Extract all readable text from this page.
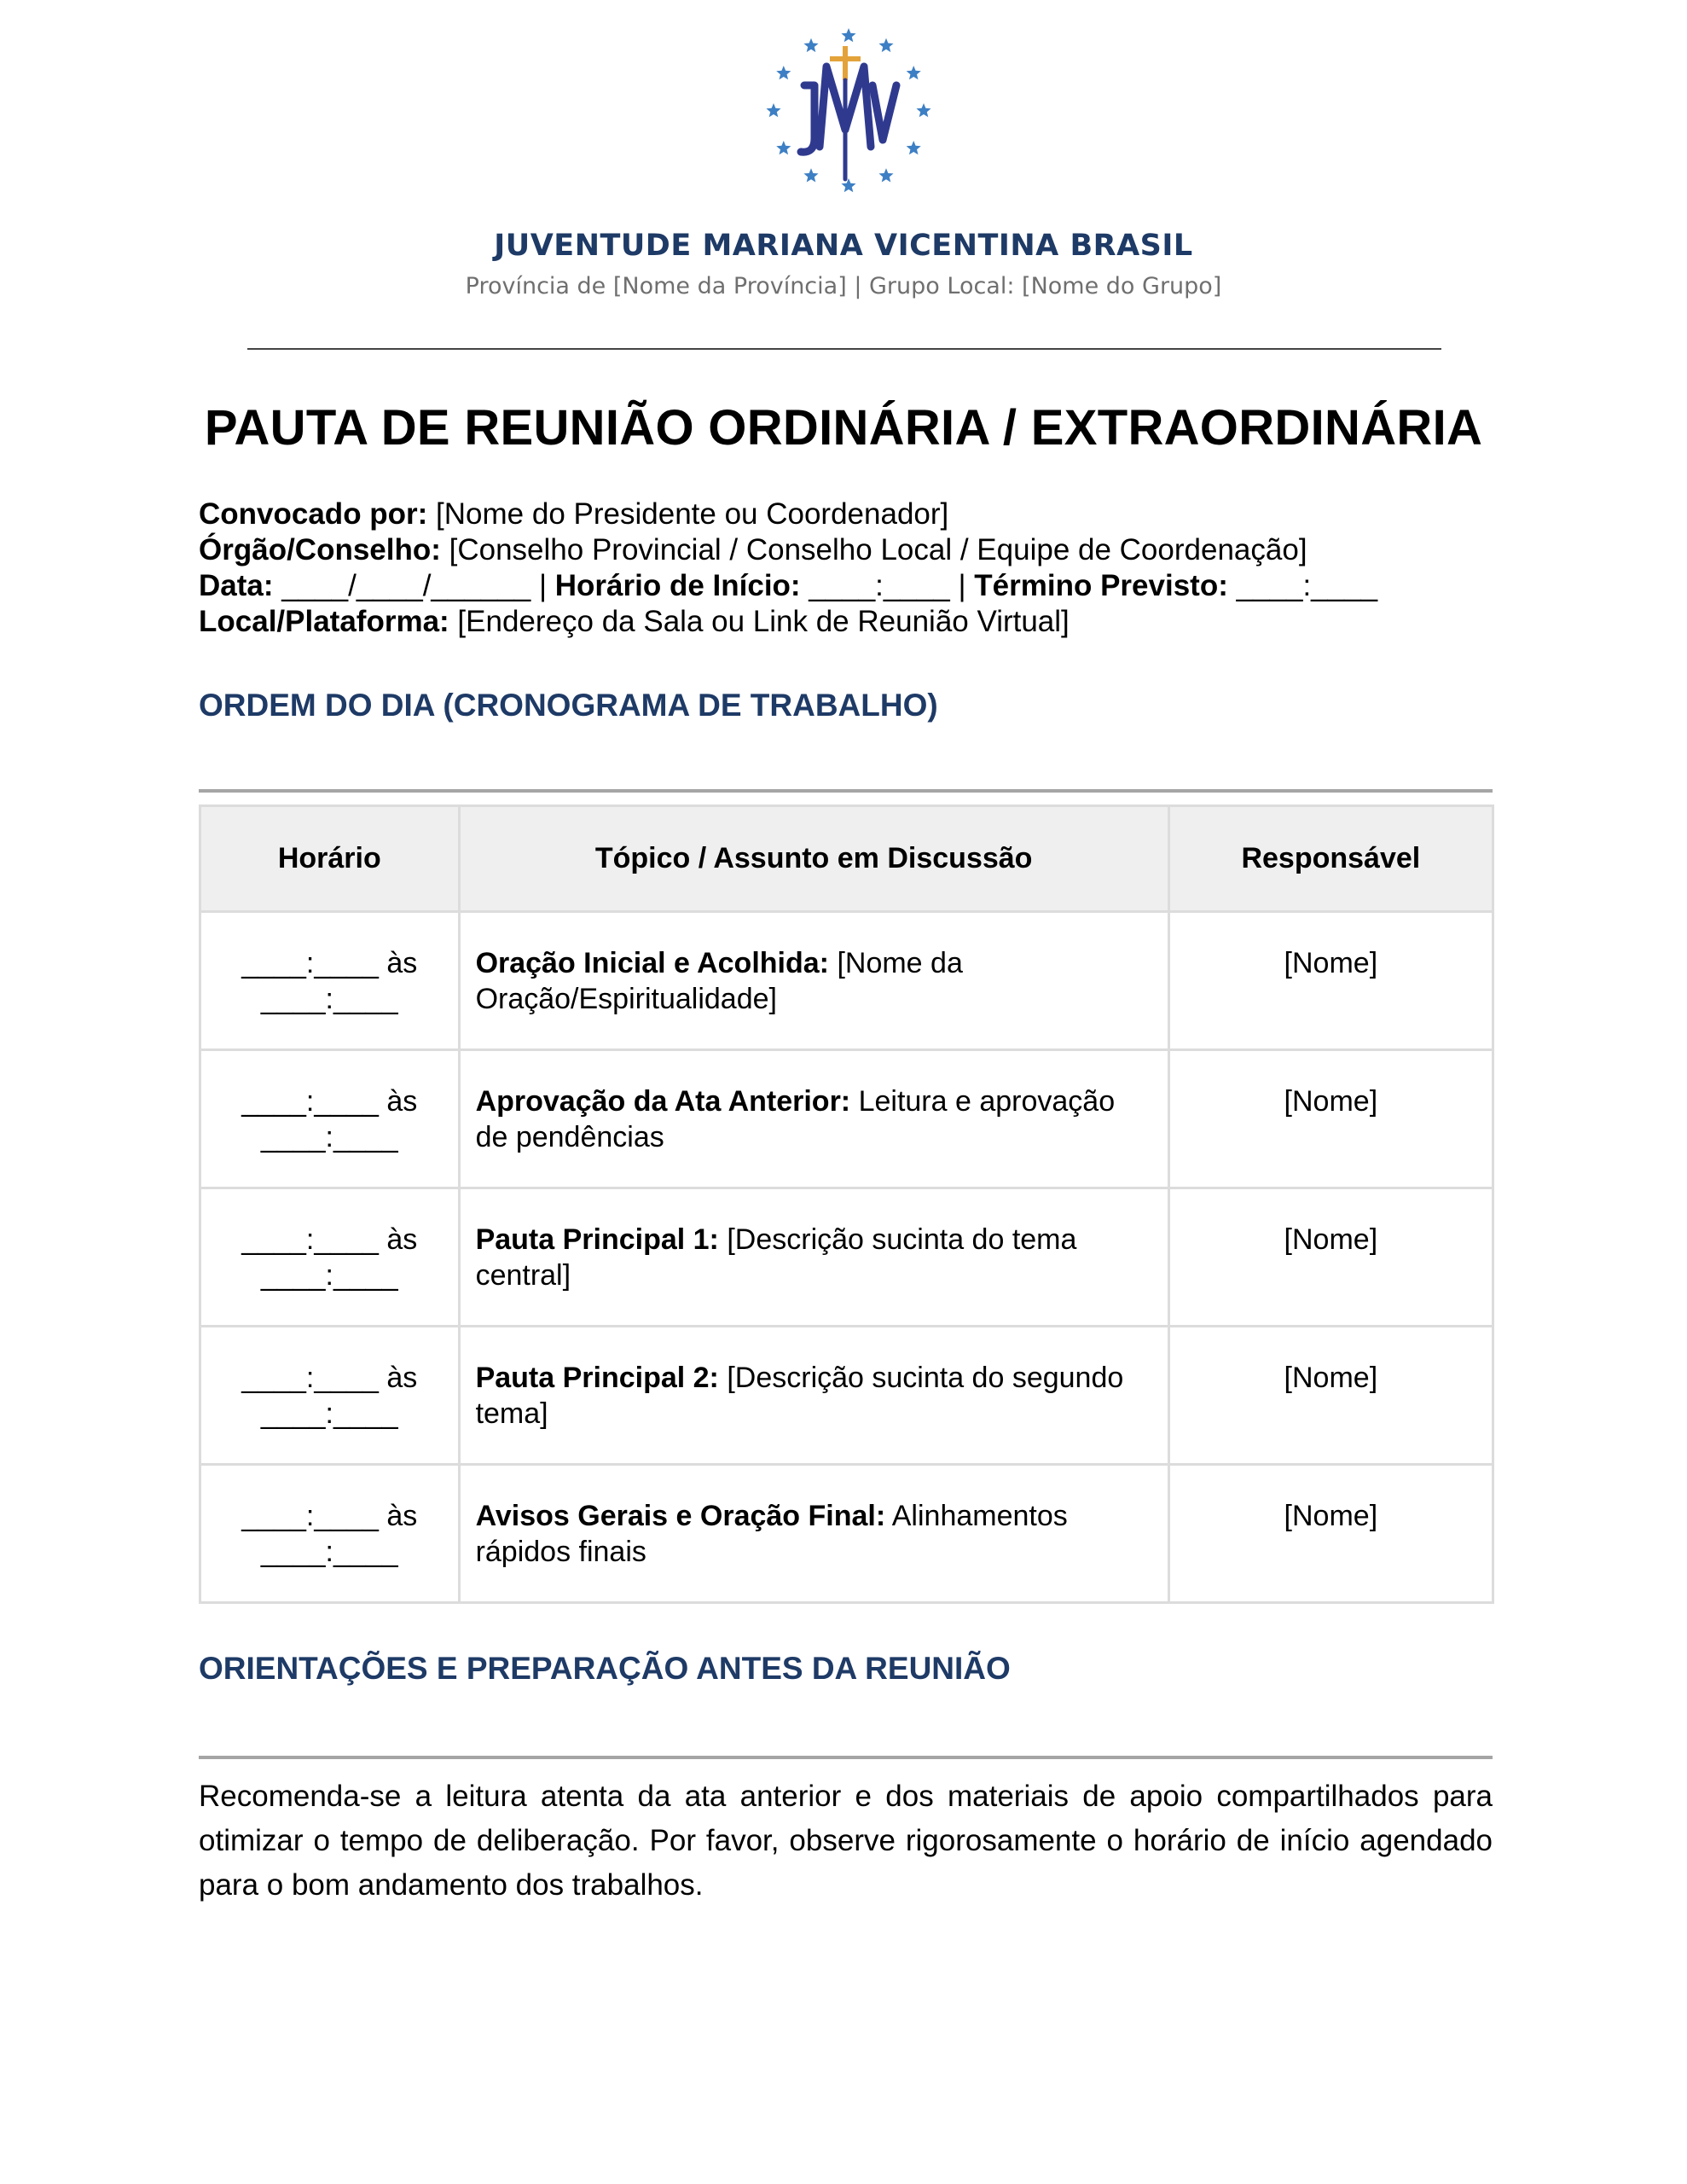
JUVENTUDE MARIANA VICENTINA BRASIL
Província de [Nome da Província] | Grupo Local: [Nome do Grupo]
PAUTA DE REUNIÃO ORDINÁRIA / EXTRAORDINÁRIA
Convocado por: [Nome do Presidente ou Coordenador]
Órgão/Conselho: [Conselho Provincial / Conselho Local / Equipe de Coordenação]
Data: ____/____/______ | Horário de Início: ____:____ | Término Previsto: ____:____
Local/Plataforma: [Endereço da Sala ou Link de Reunião Virtual]
ORDEM DO DIA (CRONOGRAMA DE TRABALHO)
Horário	Tópico / Assunto em Discussão	Responsável
____:____ às ____:____	Oração Inicial e Acolhida: [Nome da Oração/Espiritualidade]	[Nome]
____:____ às ____:____	Aprovação da Ata Anterior: Leitura e aprovação de pendências	[Nome]
____:____ às ____:____	Pauta Principal 1: [Descrição sucinta do tema central]	[Nome]
____:____ às ____:____	Pauta Principal 2: [Descrição sucinta do segundo tema]	[Nome]
____:____ às ____:____	Avisos Gerais e Oração Final: Alinhamentos rápidos finais	[Nome]
ORIENTAÇÕES E PREPARAÇÃO ANTES DA REUNIÃO
Recomenda-se a leitura atenta da ata anterior e dos materiais de apoio compartilhados para otimizar o tempo de deliberação. Por favor, observe rigorosamente o horário de início agendado para o bom andamento dos trabalhos.
